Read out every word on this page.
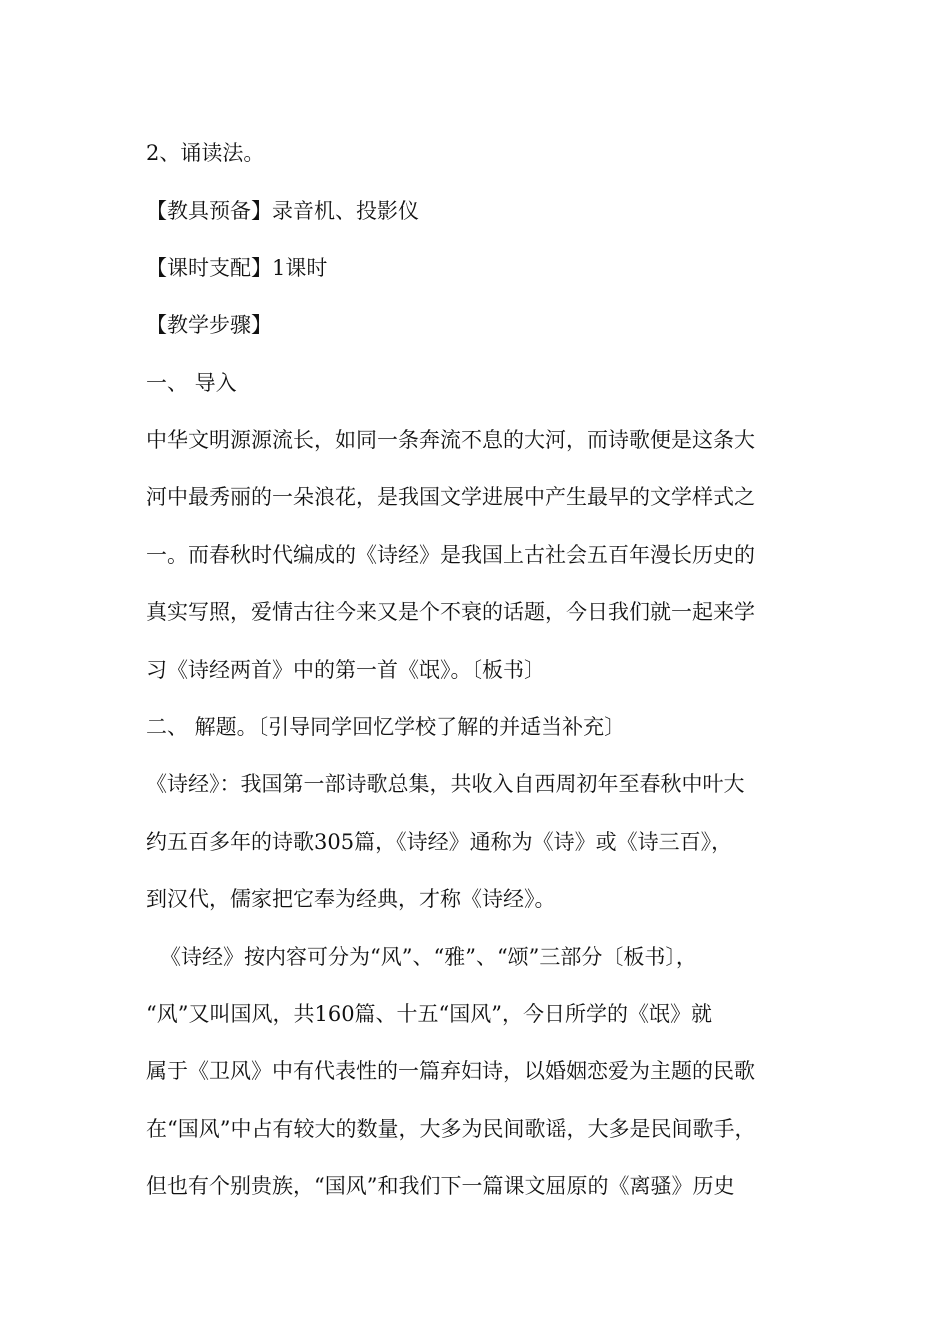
2、诵读法。
【教具预备】录音机、投影仪
【课时支配】1课时
【教学步骤】
一、 导入
中华文明源源流长，如同一条奔流不息的大河，而诗歌便是这条大
河中最秀丽的一朵浪花，是我国文学进展中产生最早的文学样式之
一。而春秋时代编成的《诗经》是我国上古社会五百年漫长历史的
真实写照，爱情古往今来又是个不衰的话题，今日我们就一起来学
习《诗经两首》中的第一首《氓》。〔板书〕
二、 解题。〔引导同学回忆学校了解的并适当补充〕
《诗经》：我国第一部诗歌总集，共收入自西周初年至春秋中叶大
约五百多年的诗歌305篇，《诗经》通称为《诗》或《诗三百》，
到汉代，儒家把它奉为经典，才称《诗经》。
《诗经》按内容可分为“风”、“雅”、“颂”三部分〔板书〕，
“风”又叫国风，共160篇、十五“国风”，今日所学的《氓》就
属于《卫风》中有代表性的一篇弃妇诗，以婚姻恋爱为主题的民歌
在“国风”中占有较大的数量，大多为民间歌谣，大多是民间歌手，
但也有个别贵族，“国风”和我们下一篇课文屈原的《离骚》历史
